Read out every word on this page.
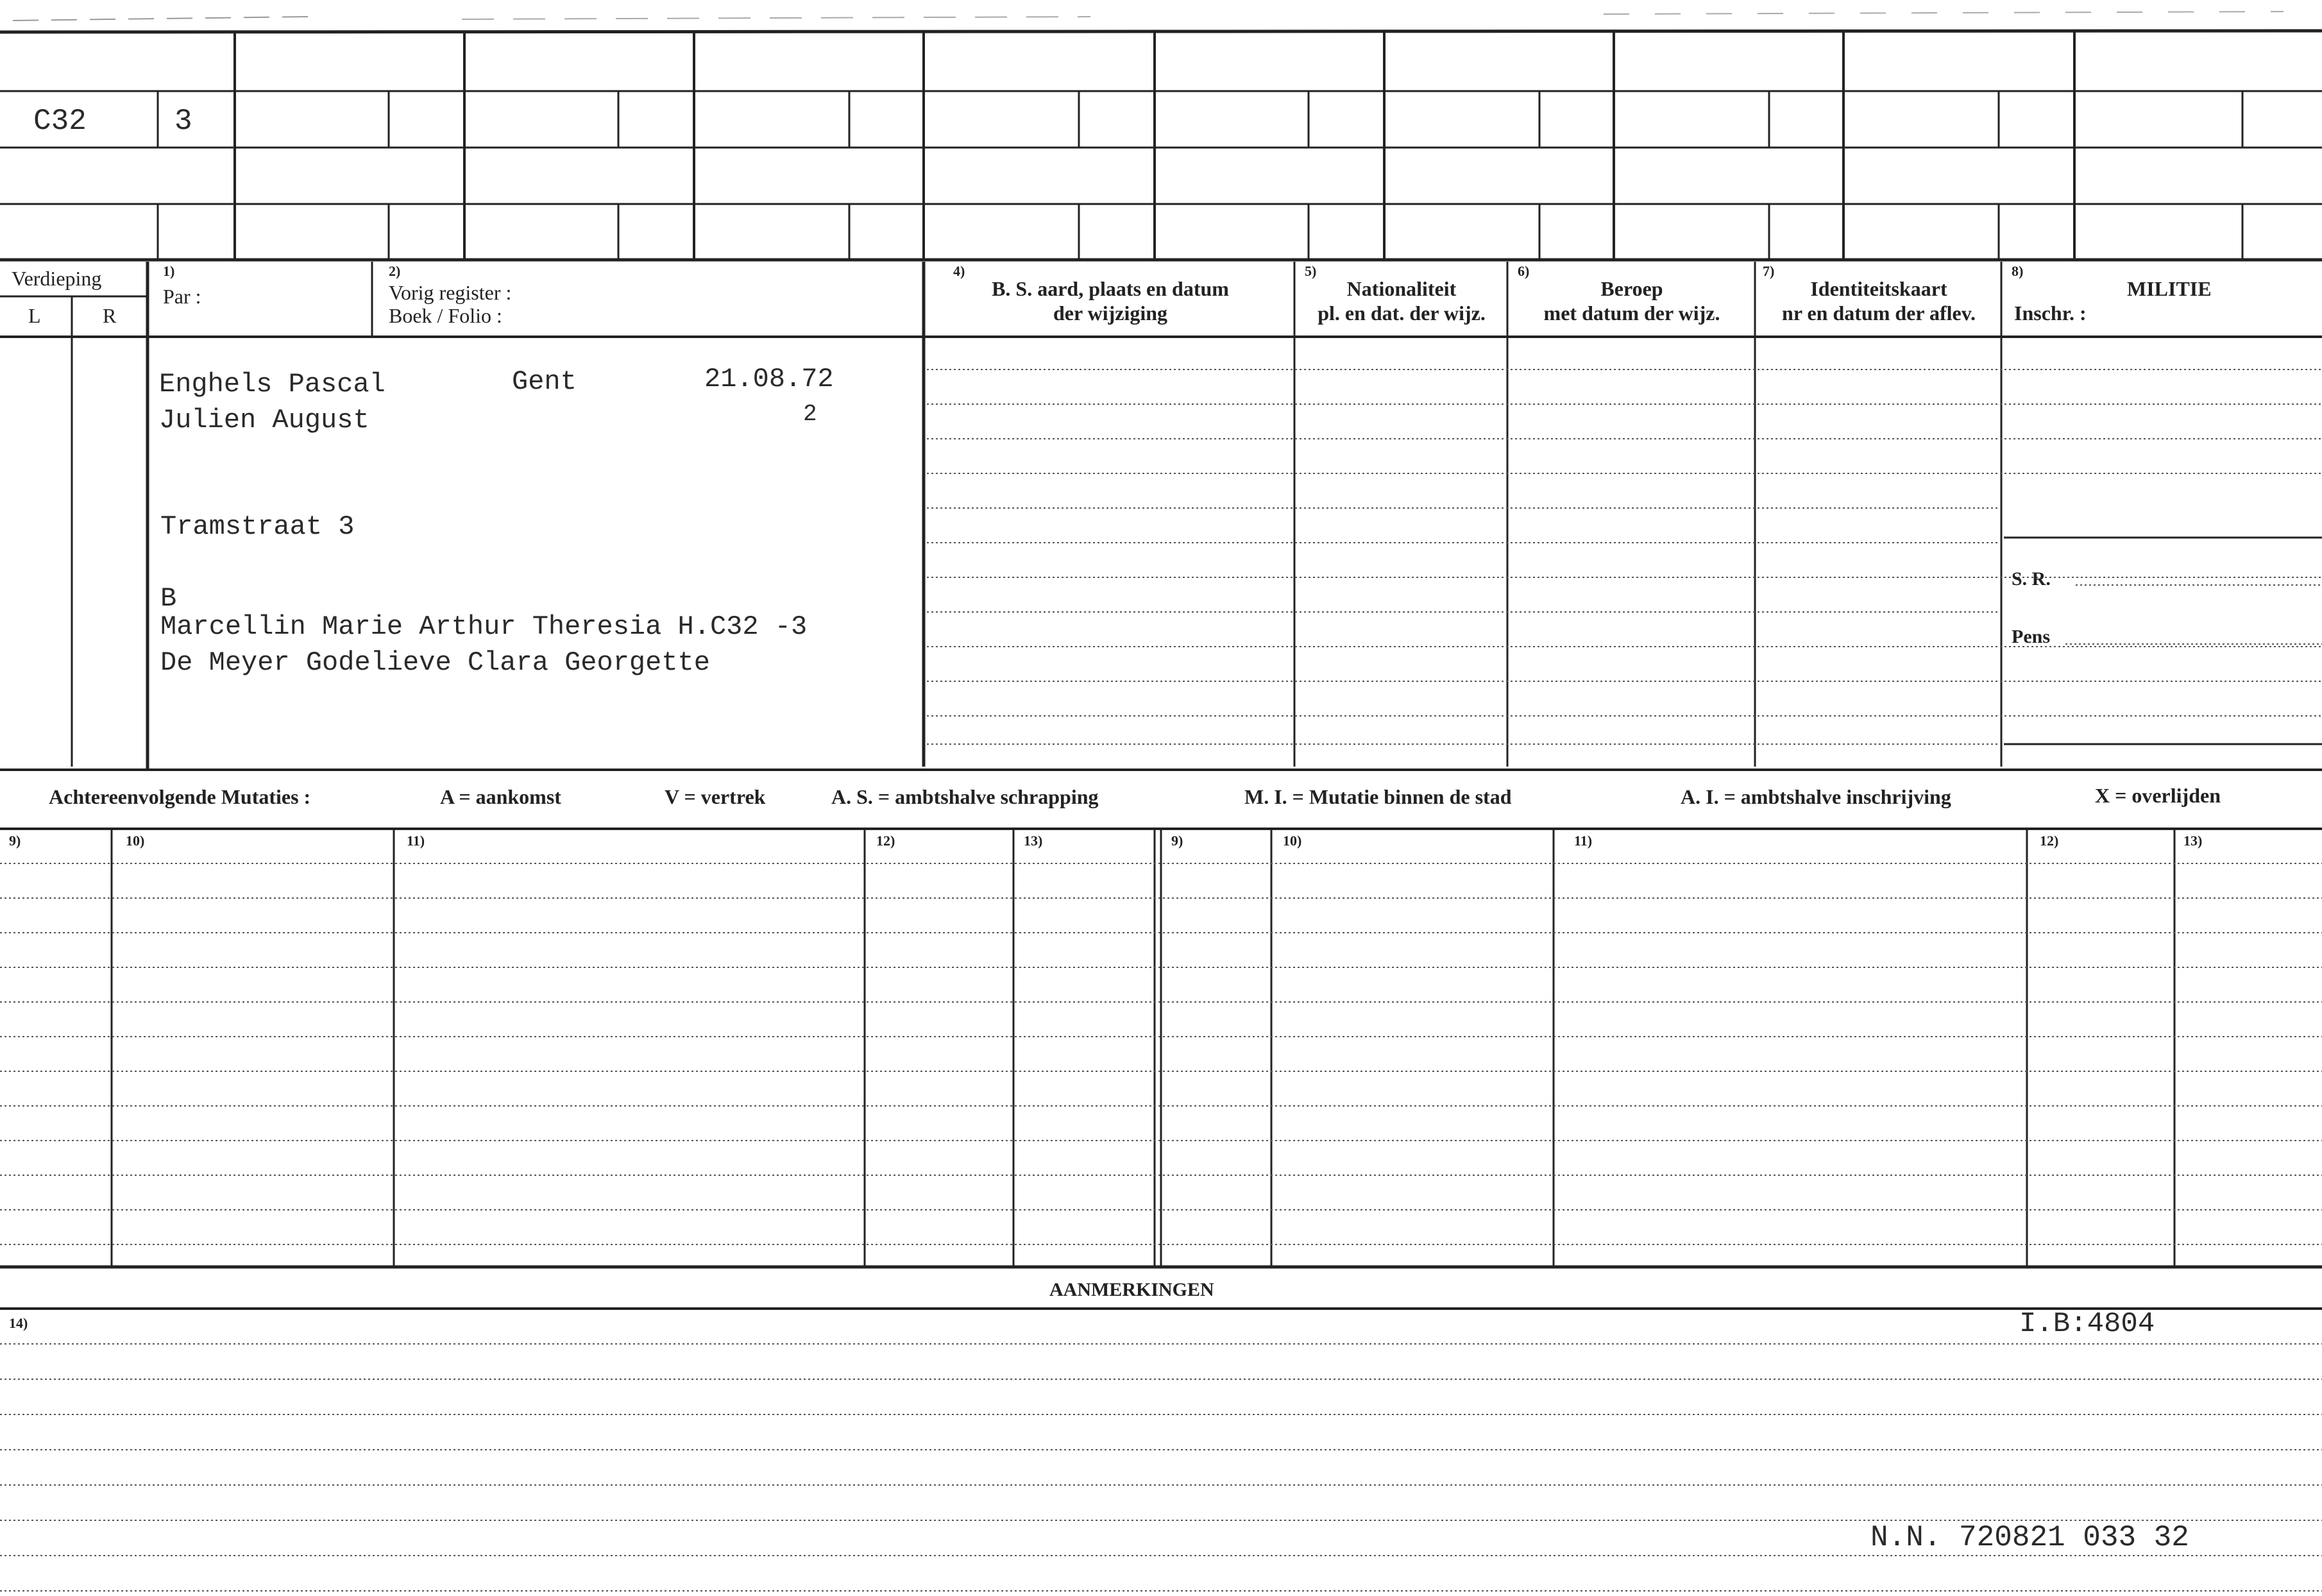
C32	3
Verdieping
L	R
1)
Par :
2)
Vorig register :
Boek / Folio :
4)
B. S. aard, plaats en datum
der wijziging
5)
Nationaliteit
pl. en dat. der wijz.
6)
Beroep
met datum der wijz.
7)
Identiteitskaart
nr en datum der aflev.
8)
MILITIE
Inschr. :
Enghels Pascal	Gent	21.08.72
Julien August	2
Tramstraat 3
B
Marcellin Marie Arthur Theresia H.C32 -3
De Meyer Godelieve Clara Georgette
S. R.
Pens
Achtereenvolgende Mutaties :	A = aankomst	V = vertrek	A. S. = ambtshalve schrapping	M. I. = Mutatie binnen de stad	A. I. = ambtshalve inschrijving	X = overlijden
9)	10)	11)	12)	13)	9)	10)	11)	12)	13)
AANMERKINGEN
14)	I.B:4804
N.N. 720821 033 32
